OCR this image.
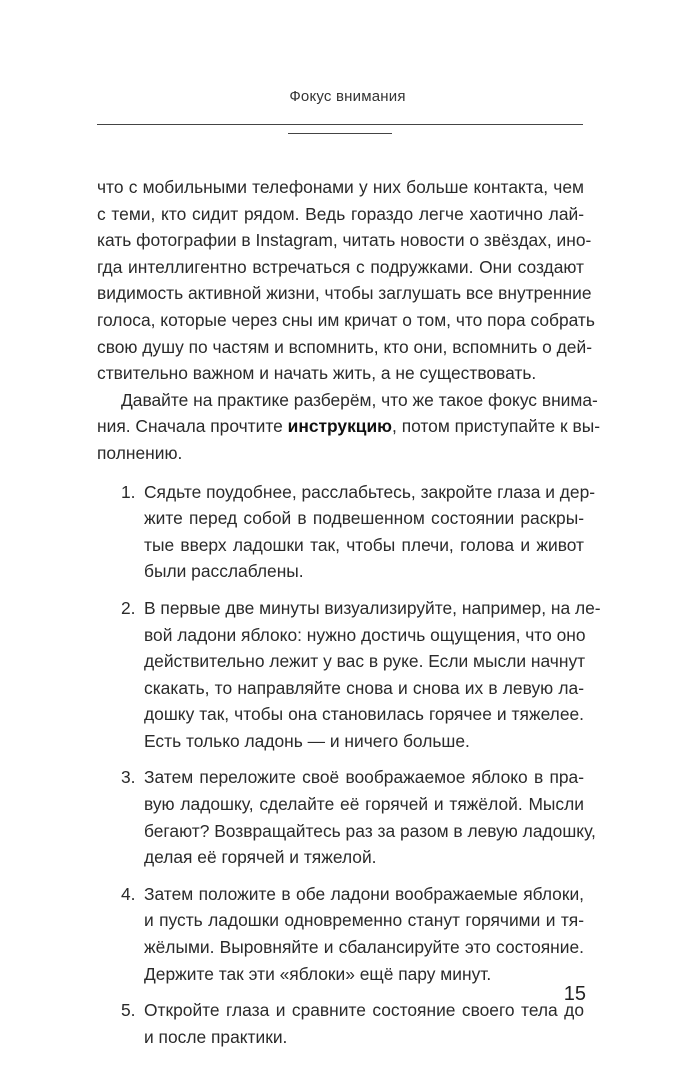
Фокус внимания
что с мобильными телефонами у них больше контакта, чем
с теми, кто сидит рядом. Ведь гораздо легче хаотично лай-
кать фотографии в Instagram, читать новости о звёздах, ино-
гда интеллигентно встречаться с подружками. Они создают
видимость активной жизни, чтобы заглушать все внутренние
голоса, которые через сны им кричат о том, что пора собрать
свою душу по частям и вспомнить, кто они, вспомнить о дей-
ствительно важном и начать жить, а не существовать.
Давайте на практике разберём, что же такое фокус внима-
ния. Сначала прочтите инструкцию, потом приступайте к вы-
полнению.
1. Сядьте поудобнее, расслабьтесь, закройте глаза и дер-
жите перед собой в подвешенном состоянии раскры-
тые вверх ладошки так, чтобы плечи, голова и живот
были расслаблены.
2. В первые две минуты визуализируйте, например, на ле-
вой ладони яблоко: нужно достичь ощущения, что оно
действительно лежит у вас в руке. Если мысли начнут
скакать, то направляйте снова и снова их в левую ла-
дошку так, чтобы она становилась горячее и тяжелее.
Есть только ладонь — и ничего больше.
3. Затем переложите своё воображаемое яблоко в пра-
вую ладошку, сделайте её горячей и тяжёлой. Мысли
бегают? Возвращайтесь раз за разом в левую ладошку,
делая её горячей и тяжелой.
4. Затем положите в обе ладони воображаемые яблоки,
и пусть ладошки одновременно станут горячими и тя-
жёлыми. Выровняйте и сбалансируйте это состояние.
Держите так эти «яблоки» ещё пару минут.
5. Откройте глаза и сравните состояние своего тела до
и после практики.
15
